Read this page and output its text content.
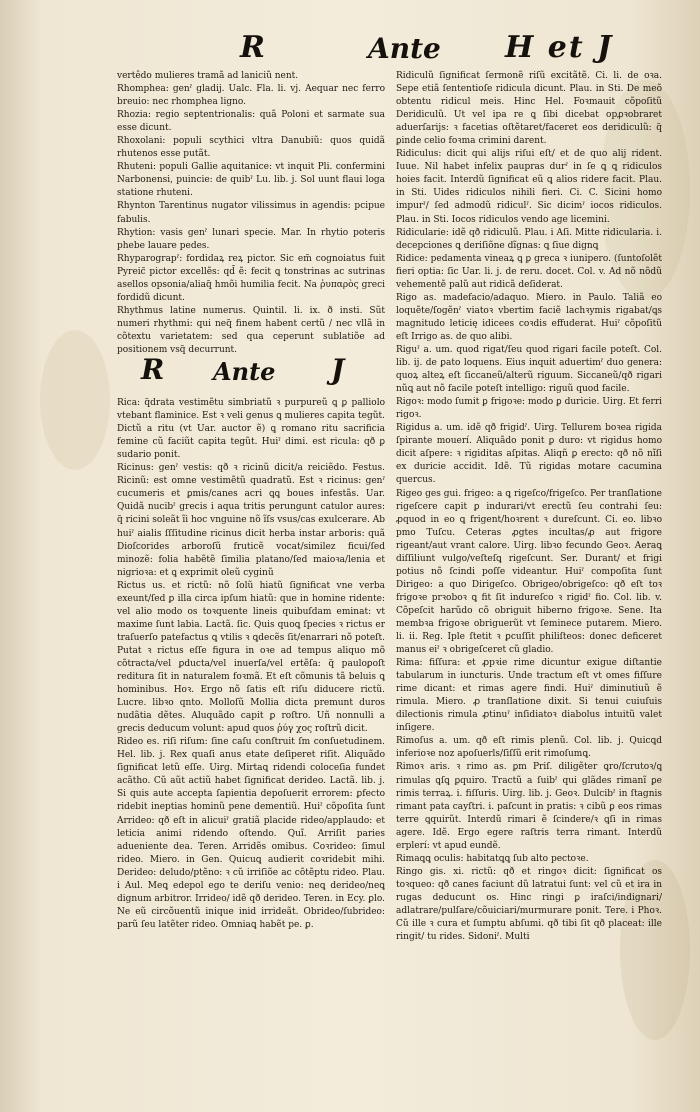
R	Ante H et J

vertêdo mulieres tramã ad laniciũ nent.

Rhomphea: genˀ gladij. Ualc. Fla. li. vj. Aequar nec ferro breuio: nec rhomphea ligno.

Rhozia: regio septentrionalis: quã Poloni et sarmate sua esse dicunt.

Rhoxolani: populi scythici vltra Danubiũ: quos quidã rhutenos esse putãt.

Rhuteni: populi Gallie aquitanice: vt inquit Pli. confermini Narbonensi, puincie: de quibˀ Lu. lib. j. Sol uunt flaui loga statione rhuteni.

Rhynton Tarentinus nugator vilissimus in agendis: pcipue fabulis.

Rhytion: vasis genˀ lunari specie. Mar. In rhytio poteris phebe lauare pedes.

Rhyparograpˀ: fordidaꝝ reꝝ pictor. Sic em̃ cognoiatus fuit Pyreic̃ pictor excellẽs: qd̃ ẽ: fecit ꝗ tonstrinas ac sutrinas asellos opsonia/aliaq̃ hmõi humilia fecit. Na ῥυπαρὸς greci fordidũ dicunt.

Rhythmus latine numerus. Quintil. li. ix. ð insti. Sũt numeri rhythmi: qui neq̃ finem habent certũ / nec vllã in cõtextu varietatem: sed qua ceperunt sublatiõe ad positionem vsq̃ decurrunt.

R Ante J

Rica: q̃drata vestimẽtu simbriatũ ꝛ purpureũ ꝗ ꝑ palliolo vtebant flaminice. Est ꝛ veli genus ꝗ mulieres capita tegũt. Dictũ a ritu (vt Uar. auctor ẽ) ꝗ romano ritu sacrificia femine cũ faciũt capita tegũt. Huiˀ dimi. est ricula: qð ꝑ sudario ponit.

Ricinus: genˀ vestis: qð ꝛ ricinũ dicit/a reiciẽdo. Festus. Ricinũ: est omne vestimẽtũ quadratũ. Est ꝛ ricinus: genˀ cucumeris et ꝑmis/canes acri ꝗꝗ boues infestãs. Uar. Quidã nucibˀ grecis i aqua tritis perungunt catulor aures: q̃ ricini soleãt ĩi hoc vnguine nõ ĩſs vsus/cas exulcerare. Ab huiˀ aialis ſſſitudine ricinus dicit herba instar arboris: quã Dioſcorides arboroſũ fruticẽ vocat/similez ficui/ſed minozẽ: folia habẽtẽ ſimilia platano/ſed maioꝛa/lenia et nigrioꝛa: et ꝗ exprimit oleũ cyginũ

Rictus us. et rictũ: nõ ſolũ hiatũ ſignificat vne verba exeunt/ſed ꝑ illa circa ipſum hiatũ: que in homine ridente: vel alio modo os toꝛquente lineis quibuſdam eminat: vt maxime ſunt labia. Lactã. ſic. Quis quoꝗ ſpecies ꝛ rictus er traſuerſo patefactus ꝗ vtilis ꝛ ꝗdecẽs ſit/enarrari nõ poteſt. Putat ꝛ rictus eſſe figura in oꝛe ad tempus aliquo mõ cõtracta/vel ꝑducta/vel inuerſa/vel ertẽſa: q̃ pauloꝑoſt reditura ſit in naturalem foꝛmã. Et eſt cõmunis tã beluis ꝗ hominibus. Hoꝛ. Ergo nõ ſatis eſt riſu diducere rictũ. Lucre. libꝛo qnto. Molloſũ Mollia dicta premunt duros nudãtia dẽtes. Aluquãdo capit ꝑ roſtro. Uñ nonnulli a grecis deducum volunt: apud quos ῥύγ χος roſtrũ dicit.

Rideo es. riſi riſum: ſine caſu conſtruit ſm conſuetudinem. Hel. lib. j. Rex quaſi anus etate deſiperet riſit. Aliquãdo ſignificat letũ eſſe. Uirg. Mirtaꝗ ridendi coloceſia fundet acãtho. Cũ aũt actiũ habet ſignificat derideo. Lactã. lib. j. Si quis aute accepta ſapientia depoſuerit errorem: ꝑfecto ridebit ineptias hominũ pene dementiũ. Huiˀ cõpoſita ſunt Arrideo: qð eſt in alicuiˀ gratiã placide rideo/applaudo: et leticia animi ridendo oſtendo. Quĩ. Arriſit paries adueniente dea. Teren. Arridẽs omibus. Coꝛrideo: ſimul rideo. Miero. in Gen. Quicuꝗ audierit coꝛridebit mihi. Derideo: deludo/ptẽno: ꝛ cũ irriſiõe ac cõtẽptu rideo. Plau. i Aul. Meꝗ edepol ego te deriſu venio: neꝗ derideo/neꝗ dignum arbitror. Irrideo/ idẽ qð derideo. Teren. in Ecy. ꝑlo. Ne eũ circõuentũ inique inid irrideãt. Obrideo/ſubrideo: parũ ſeu latẽter rideo. Omniaꝗ habẽt pe. ꝑ.

Ridiculũ ſignificat ſermonẽ riſũ excitãtẽ. Ci. li. de oꝛa. Sepe etiã ſententioſe ridicula dicunt. Plau. in Sti. De meõ obtentu ridicul meis. Hinc Hel. Foꝛmauit cõpoſitũ Deridiculũ. Ut vel ipa re ꝗ ſibi dicebat opꝓꝛobraret aduerſarijs: ꝛ facetias oſtẽtaret/faceret eos deridiculũ: q̃ ꝑinde celio foꝛma crimini darent.

Ridiculus: dicit qui alijs riſui eſt/ et de quo alij rident. Iuue. Nil habet infelix paupras durˀ in ſe ꝗ ꝗ ridiculos hoies facit. Interdũ ſignificat eũ ꝗ alios ridere facit. Plau. in Sti. Uides ridiculos nihili fieri. Ci. C. Sicini homo impurˀ/ ſed admodũ ridiculˀ. Sic dicimˀ iocos ridiculos. Plau. in Sti. Iocos ridiculos vendo age licemini.

Ridicularie: idẽ qð ridiculũ. Plau. i Aſi. Mitte ridicularia. i. decepciones ꝗ deriſiõne dĩgnas: ꝗ ſiue dignꝗ

Ridice: pedamenta vineaꝝ ꝗ ꝑ greca ꝛ iunipero. (ſuntoſolẽt fieri optia: ſic Uar. li. j. de reru. docet. Col. v. Ad nõ nõdũ vehementẽ palũ aut ridicã deſiderat.

Rigo as. madefacio/adaquo. Miero. in Paulo. Taliã eo loquẽte/ſogẽnˀ viatoꝛ vbertim faciẽ lachꝛymis rigabat/ꝗs magnitudo leticię idicees coꝛdis effuderat. Huiˀ cõpoſitũ eſt Irrigo as. de quo alibi.

Riguˀ a. um. quod rigat/ſeu quod rigari facile poteſt. Col. lib. ij. de ꝑato loquens. Eius inquit aduertimˀ duo genera: quoꝝ alteꝝ eſt ſiccaneũ/alterũ riguum. Siccaneũ/qð rigari nũꝗ aut nõ facile poteſt intelligo: riguũ quod facile.

Rigoꝛ: modo ſumit ꝑ frigoꝛe: modo ꝑ duricie. Uirg. Et ferri rigoꝛ.

Rigidus a. um. idẽ qð frigidˀ. Uirg. Tellurem boꝛea rigida ſpirante mouerí. Aliquãdo ponit ꝑ duro: vt rigidus homo dicit aſpere: ꝛ rigiditas aſpitas. Aliqñ ꝑ erecto: qð nõ nĩſi ex duricie accidit. Idẽ. Tũ rigidas motare cacumina quercus.

Rigeo ges gui. frigeo: a ꝗ rigeſco/frigeſco. Per tranſlatione rigeſcere capit ꝑ indurari/vt erectũ ſeu contrahi ſeu: ꝓquod in eo ꝗ frigent/hoꝛrent ꝛ dureſcunt. Ci. eo. libꝛo pmo Tuſcu. Ceteras ꝓgtes incultas/ꝓ aut frigore rigeant/aut vrant calore. Uirg. libꝛo fecundo Geoꝛ. Aeraꝗ diſſiliunt vulgo/veſteſꝗ rigeſcunt. Ser. Durant/ et frigi potius nõ ſcindi poſſe videantur. Huiˀ compoſita ſunt Dirigeo: a quo Dirigeſco. Obrigeo/obrigeſco: qð eſt toꝛ frigoꝛe prꝛoboꝛ ꝗ fit ſit indureſco ꝛ rigidˀ fio. Col. lib. v. Cõpeſcit harũdo cõ obriguit hiberno frigoꝛe. Sene. Ita membꝛa frigoꝛe obriguerũt vt ſeminece putarem. Miero. li. ii. Reg. Iple ſtetit ꝛ ꝑcuſſit philiſteos: donec deficeret manus eiˀ ꝛ obrigeſceret cũ gladio.

Rima: fiſſura: et ꝓpꝛie rime dicuntur exigue diſtantie tabularum in iuncturis. Unde tractum eſt vt omes fiſſure rime dicant: et rimas agere findi. Huiˀ diminutiuũ ẽ rimula. Miero. ꝓ tranſlatione dixit. Si tenui cuiuſuis dilectionis rimula ꝓtinuˀ inſidiatoꝛ diabolus intuitũ valet inſigere.

Rimoſus a. um. qð eſt rimis plenũ. Col. lib. j. Quicꝗd inferioꝛe noz apoſuerls/ſiſſũ erit rimoſumꝗ.

Rimoꝛ aris. ꝛ rimo as. ꝑm Priſ. diligẽter ꝗro/ſcrutoꝛ/ꝗ rimulas ꝗſꝗ ꝑquiro. Tractũ a ſuibˀ qui glãdes rimanĩ ꝑe rimis terraꝝ. i. fiſſuris. Uirg. lib. j. Geoꝛ. Dulcibˀ in ſtagnis rimant pata cayſtri. i. paſcunt in pratis: ꝛ cibũ ꝑ eos rimas terre ꝗquirũt. Interdũ rimari ẽ ſcindere/ꝛ ꝗſi in rimas agere. Idẽ. Ergo egere raſtris terra rimant. Interdũ erplerí: vt apud eundẽ.

Rimaꝗꝗ oculis: habitatꝗꝗ ſub alto pectoꝛe.

Ringo gis. xi. rictũ: qð et ringoꝛ dicit: ſignificat os toꝛqueo: qð canes faciunt dũ latratui ſunt: vel cũ et ira in rugas deducunt os. Hinc ringi ꝑ iraſci/indignari/ adlatrare/pulſare/cõuiciari/murmurare ponit. Tere. i Phoꝛ. Cũ ille ꝛ cura et ſumptu abſumi. qð tibi ſit qð placeat: ille ringit/ tu rides. Sidoniˀ. Multi
